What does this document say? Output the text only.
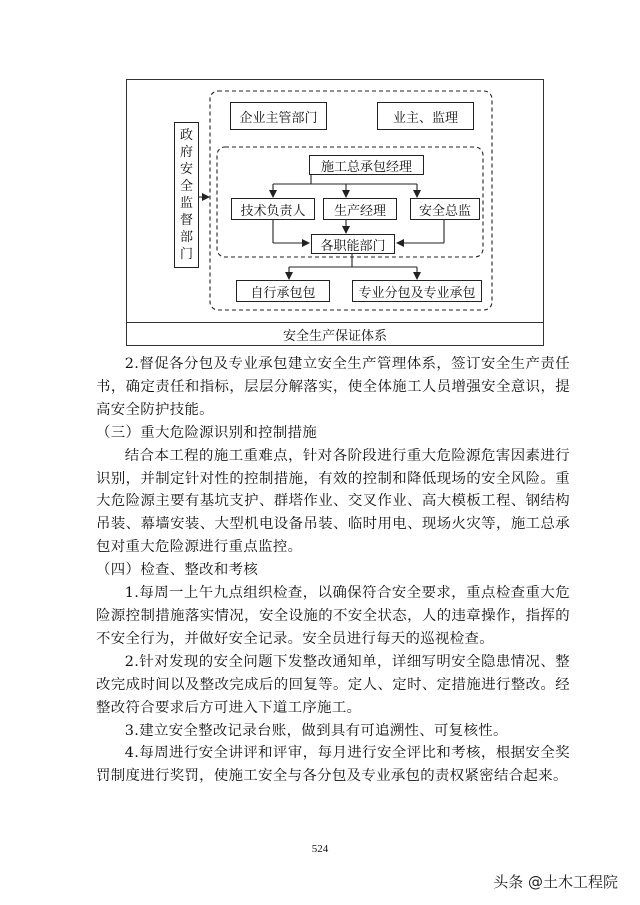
政府安全监督部门
企业主管部门	业主、监理
施工总承包经理
技术负责人 生产经理	安全总监
各职能部门
自行承包包	专业分包及专业承包
安全生产保证体系

2.督促各分包及专业承包建立安全生产管理体系，签订安全生产责任书，确定责任和指标，层层分解落实，使全体施工人员增强安全意识，提高安全防护技能。

（三）重大危险源识别和控制措施

结合本工程的施工重难点，针对各阶段进行重大危险源危害因素进行识别，并制定针对性的控制措施，有效的控制和降低现场的安全风险。重大危险源主要有基坑支护、群塔作业、交叉作业、高大模板工程、钢结构吊装、幕墙安装、大型机电设备吊装、临时用电、现场火灾等，施工总承包对重大危险源进行重点监控。

（四）检查、整改和考核

1.每周一上午九点组织检查，以确保符合安全要求，重点检查重大危险源控制措施落实情况，安全设施的不安全状态，人的违章操作，指挥的不安全行为，并做好安全记录。安全员进行每天的巡视检查。

2.针对发现的安全问题下发整改通知单，详细写明安全隐患情况、整改完成时间以及整改完成后的回复等。定人、定时、定措施进行整改。经整改符合要求后方可进入下道工序施工。

3.建立安全整改记录台账，做到具有可追溯性、可复核性。

4.每周进行安全讲评和评审，每月进行安全评比和考核，根据安全奖罚制度进行奖罚，使施工安全与各分包及专业承包的责权紧密结合起来。

524
头条 @土木工程院
